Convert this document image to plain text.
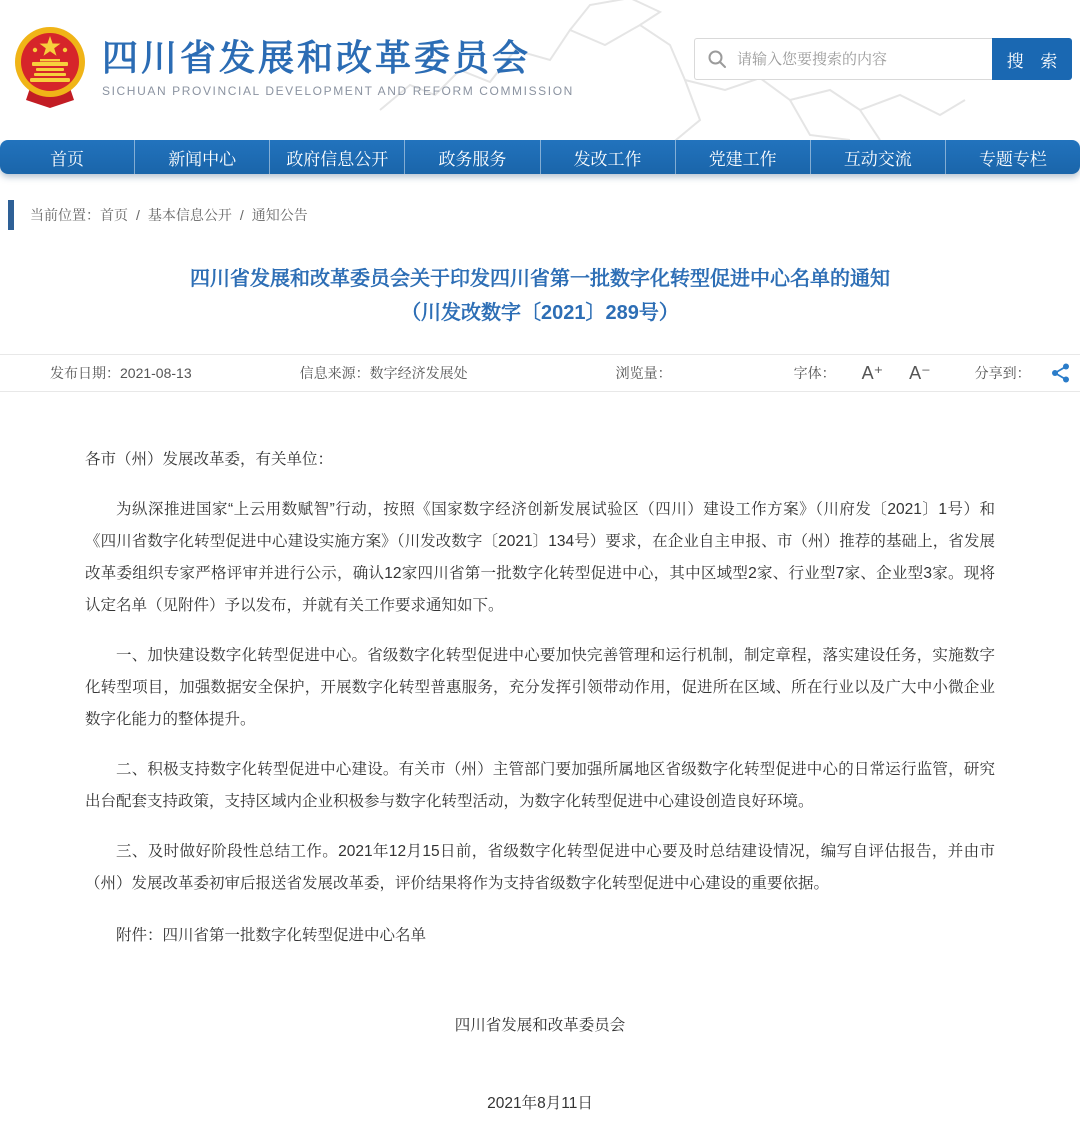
四川省发展和改革委员会
SICHUAN PROVINCIAL DEVELOPMENT AND REFORM COMMISSION
请输入您要搜索的内容
搜 索
首页	新闻中心	政府信息公开	政务服务	发改工作	党建工作	互动交流	专题专栏
当前位置： 首页 / 基本信息公开 / 通知公告
四川省发展和改革委员会关于印发四川省第一批数字化转型促进中心名单的通知
（川发改数字〔2021〕289号）
发布日期：2021-08-13	信息来源：数字经济发展处	浏览量：	字体： A⁺ A⁻	分享到：

各市（州）发展改革委，有关单位：

为纵深推进国家“上云用数赋智”行动，按照《国家数字经济创新发展试验区（四川）建设工作方案》（川府发〔2021〕1号）和《四川省数字化转型促进中心建设实施方案》（川发改数字〔2021〕134号）要求，在企业自主申报、市（州）推荐的基础上，省发展改革委组织专家严格评审并进行公示，确认12家四川省第一批数字化转型促进中心，其中区域型2家、行业型7家、企业型3家。现将认定名单（见附件）予以发布，并就有关工作要求通知如下。

一、加快建设数字化转型促进中心。省级数字化转型促进中心要加快完善管理和运行机制，制定章程，落实建设任务，实施数字化转型项目，加强数据安全保护，开展数字化转型普惠服务，充分发挥引领带动作用，促进所在区域、所在行业以及广大中小微企业数字化能力的整体提升。

二、积极支持数字化转型促进中心建设。有关市（州）主管部门要加强所属地区省级数字化转型促进中心的日常运行监管，研究出台配套支持政策，支持区域内企业积极参与数字化转型活动，为数字化转型促进中心建设创造良好环境。

三、及时做好阶段性总结工作。2021年12月15日前，省级数字化转型促进中心要及时总结建设情况，编写自评估报告，并由市（州）发展改革委初审后报送省发展改革委，评价结果将作为支持省级数字化转型促进中心建设的重要依据。

附件：四川省第一批数字化转型促进中心名单

四川省发展和改革委员会

2021年8月11日
